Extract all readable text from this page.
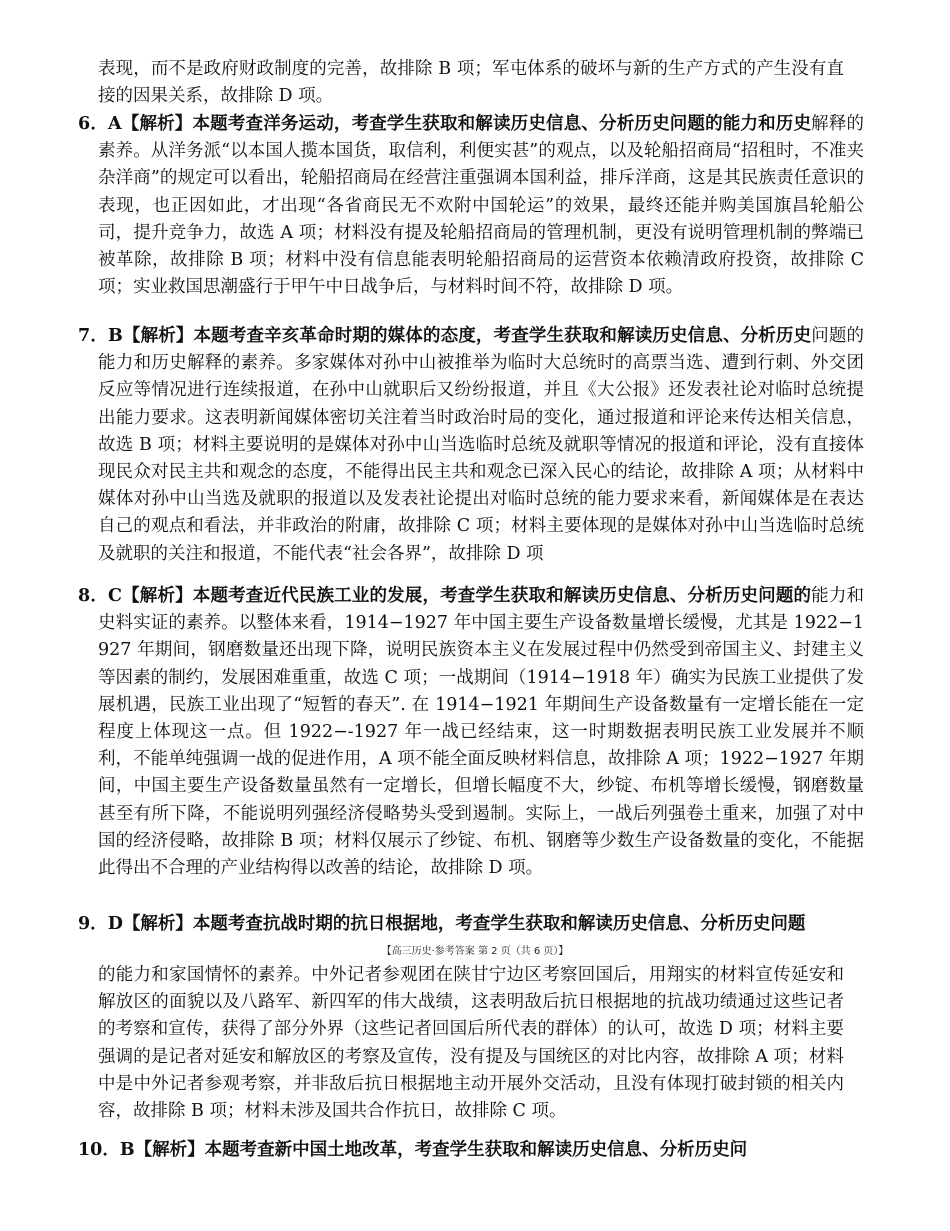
表现，而不是政府财政制度的完善，故排除 B 项；军屯体系的破坏与新的生产方式的产生没有直接的因果关系，故排除 D 项。
6．A【解析】本题考查洋务运动，考查学生获取和解读历史信息、分析历史问题的能力和历史解释的素养。从洋务派“以本国人揽本国货，取信利，利便实甚”的观点，以及轮船招商局“招租时，不准夹杂洋商”的规定可以看出，轮船招商局在经营注重强调本国利益，排斥洋商，这是其民族责任意识的表现，也正因如此，才出现“各省商民无不欢附中国轮运”的效果，最终还能并购美国旗昌轮船公司，提升竞争力，故选 A 项；材料没有提及轮船招商局的管理机制，更没有说明管理机制的弊端已被革除，故排除 B 项；材料中没有信息能表明轮船招商局的运营资本依赖清政府投资，故排除 C 项；实业救国思潮盛行于甲午中日战争后，与材料时间不符，故排除 D 项。
7．B【解析】本题考查辛亥革命时期的媒体的态度，考查学生获取和解读历史信息、分析历史问题的能力和历史解释的素养。多家媒体对孙中山被推举为临时大总统时的高票当选、遭到行刺、外交团反应等情况进行连续报道，在孙中山就职后又纷纷报道，并且《大公报》还发表社论对临时总统提出能力要求。这表明新闻媒体密切关注着当时政治时局的变化，通过报道和评论来传达相关信息，故选 B 项；材料主要说明的是媒体对孙中山当选临时总统及就职等情况的报道和评论，没有直接体现民众对民主共和观念的态度，不能得出民主共和观念已深入民心的结论，故排除 A 项；从材料中媒体对孙中山当选及就职的报道以及发表社论提出对临时总统的能力要求来看，新闻媒体是在表达自己的观点和看法，并非政治的附庸，故排除 C 项；材料主要体现的是媒体对孙中山当选临时总统及就职的关注和报道，不能代表“社会各界”，故排除 D 项
8．C【解析】本题考查近代民族工业的发展，考查学生获取和解读历史信息、分析历史问题的能力和史料实证的素养。以整体来看，1914−1927 年中国主要生产设备数量增长缓慢，尤其是 1922−1927 年期间，钢磨数量还出现下降，说明民族资本主义在发展过程中仍然受到帝国主义、封建主义等因素的制约，发展困难重重，故选 C 项；一战期间（1914−1918 年）确实为民族工业提供了发展机遇，民族工业出现了“短暂的春天”. 在 1914−1921 年期间生产设备数量有一定增长能在一定程度上体现这一点。但 1922−-1927 年一战已经结束，这一时期数据表明民族工业发展并不顺利，不能单纯强调一战的促进作用，A 项不能全面反映材料信息，故排除 A 项；1922−1927 年期间，中国主要生产设备数量虽然有一定增长，但增长幅度不大，纱锭、布机等增长缓慢，钢磨数量甚至有所下降，不能说明列强经济侵略势头受到遏制。实际上，一战后列强卷土重来，加强了对中国的经济侵略，故排除 B 项；材料仅展示了纱锭、布机、钢磨等少数生产设备数量的变化，不能据此得出不合理的产业结构得以改善的结论，故排除 D 项。
9．D【解析】本题考查抗战时期的抗日根据地，考查学生获取和解读历史信息、分析历史问题
【高三历史·参考答案 第 2 页（共 6 页）】
的能力和家国情怀的素养。中外记者参观团在陕甘宁边区考察回国后，用翔实的材料宣传延安和解放区的面貌以及八路军、新四军的伟大战绩，这表明敌后抗日根据地的抗战功绩通过这些记者的考察和宣传，获得了部分外界（这些记者回国后所代表的群体）的认可，故选 D 项；材料主要强调的是记者对延安和解放区的考察及宣传，没有提及与国统区的对比内容，故排除 A 项；材料中是中外记者参观考察，并非敌后抗日根据地主动开展外交活动，且没有体现打破封锁的相关内容，故排除 B 项；材料未涉及国共合作抗日，故排除 C 项。
10．B【解析】本题考查新中国土地改革，考查学生获取和解读历史信息、分析历史问
